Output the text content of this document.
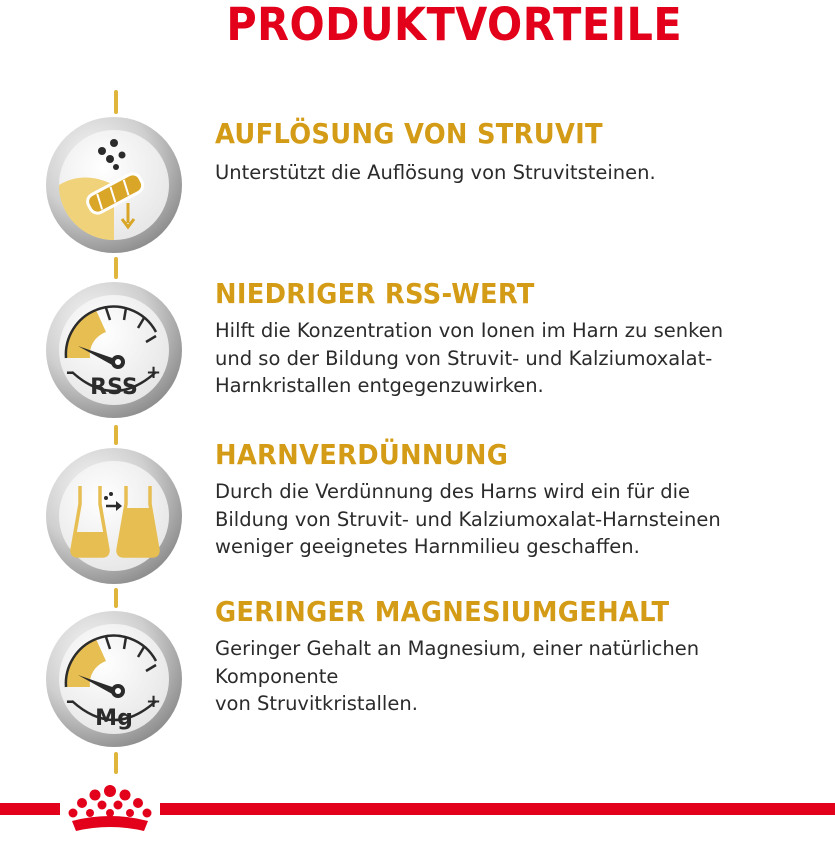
PRODUKTVORTEILE
AUFLÖSUNG VON STRUVIT
Unterstützt die Auflösung von Struvitsteinen.
-	+
RSS
NIEDRIGER RSS-WERT
Hilft die Konzentration von Ionen im Harn zu senken
und so der Bildung von Struvit- und Kalziumoxalat-
Harnkristallen entgegenzuwirken.
HARNVERDÜNNUNG
Durch die Verdünnung des Harns wird ein für die
Bildung von Struvit- und Kalziumoxalat-Harnsteinen
weniger geeignetes Harnmilieu geschaffen.
-	+
Mg
GERINGER MAGNESIUMGEHALT
Geringer Gehalt an Magnesium, einer natürlichen
Komponente
von Struvitkristallen.
